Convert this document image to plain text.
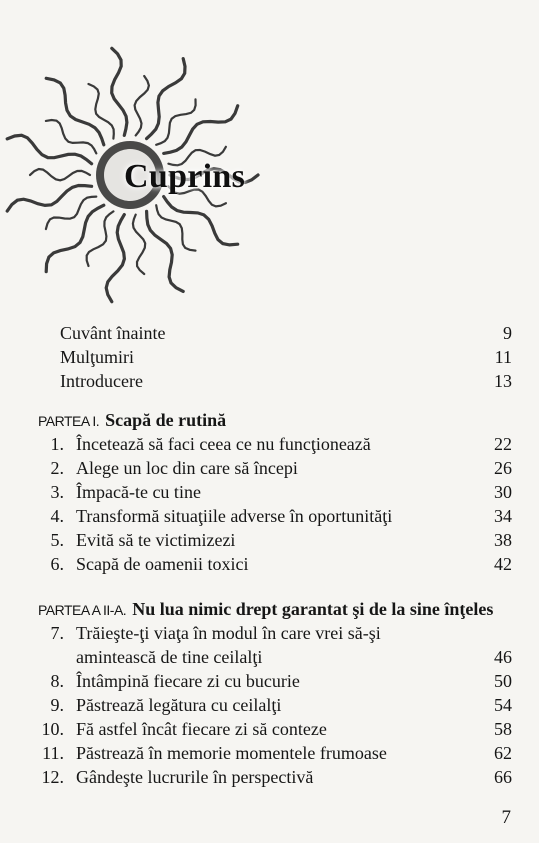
Cuprins
Cuvânt înainte	9
Mulţumiri	11
Introducere	13
PARTEA I. Scapă de rutină
1. Încetează să faci ceea ce nu funcţionează	22
2. Alege un loc din care să începi	26
3. Împacă-te cu tine	30
4. Transformă situaţiile adverse în oportunităţi	34
5. Evită să te victimizezi	38
6. Scapă de oamenii toxici	42
PARTEA A II-A. Nu lua nimic drept garantat şi de la sine înţeles
7. Trăieşte-ţi viaţa în modul în care vrei să-şi
amintească de tine ceilalţi	46
8. Întâmpină fiecare zi cu bucurie	50
9. Păstrează legătura cu ceilalţi	54
10. Fă astfel încât fiecare zi să conteze	58
11. Păstrează în memorie momentele frumoase	62
12. Gândeşte lucrurile în perspectivă	66
7
